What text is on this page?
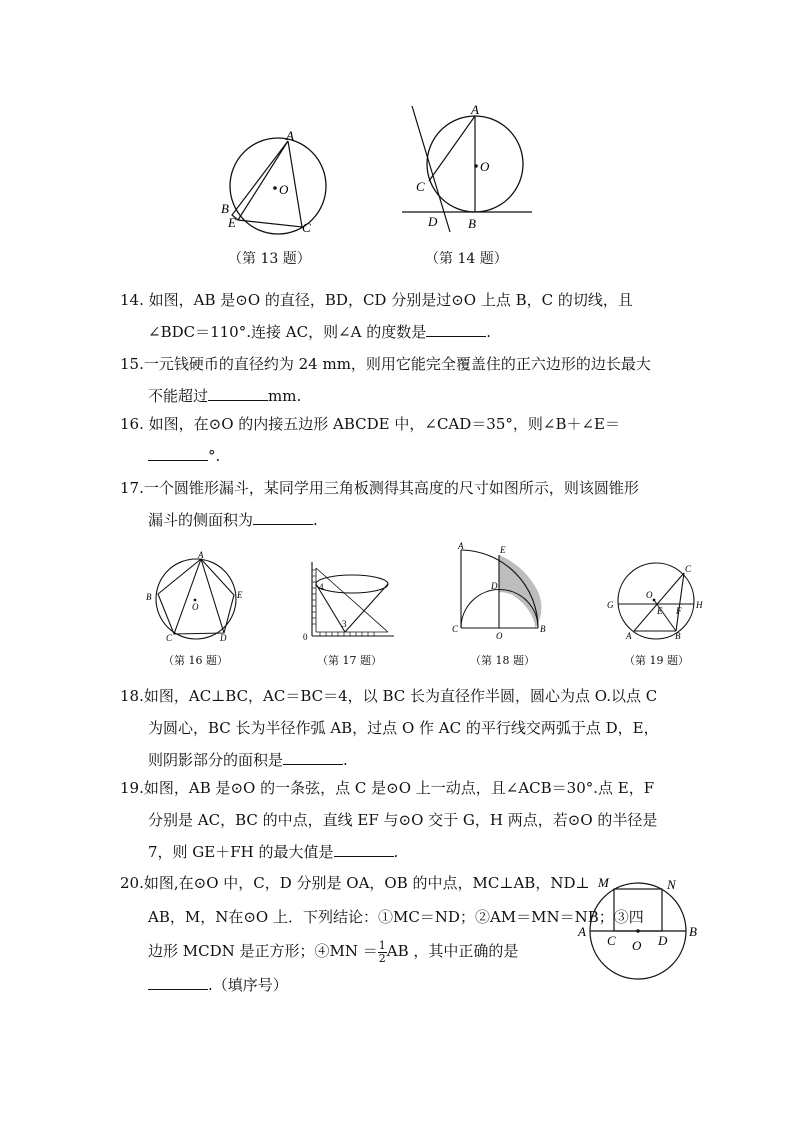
A
B
E	C
O
（第 13 题）
A
O
C
D B
（第 14 题）
14. 如图，AB 是⊙O 的直径，BD，CD 分别是过⊙O 上点 B，C 的切线，且
∠BDC＝110°.连接 AC，则∠A 的度数是	.
15.一元钱硬币的直径约为 24 mm，则用它能完全覆盖住的正六边形的边长最大
不能超过	mm.
16. 如图，在⊙O 的内接五边形 ABCDE 中，∠CAD＝35°，则∠B＋∠E＝
°.
17.一个圆锥形漏斗，某同学用三角板测得其高度的尺寸如图所示，则该圆锥形
漏斗的侧面积为	.
A
B
C	D
E
O
（第 16 题）
4
3
0
（第 17 题）
A	E
D
C
O
B
（第 18 题）
C
G	H
O
E F
A	B
（第 19 题）
18.如图，AC⊥BC，AC＝BC＝4，以 BC 长为直径作半圆，圆心为点 O.以点 C
为圆心，BC 长为半径作弧 AB，过点 O 作 AC 的平行线交两弧于点 D，E，
则阴影部分的面积是	.
19.如图，AB 是⊙O 的一条弦，点 C 是⊙O 上一动点，且∠ACB＝30°.点 E，F
分别是 AC，BC 的中点，直线 EF 与⊙O 交于 G，H 两点，若⊙O 的半径是
7，则 GE＋FH 的最大值是	.
20.如图,在⊙O 中，C，D 分别是 OA，OB 的中点，MC⊥AB，ND⊥
AB，M，N在⊙O 上．下列结论：①MC＝ND；②AM＝MN＝NB；③四
边形 MCDN 是正方形；④MN ＝ $\frac{1}{2}$ AB ，其中正确的是
.（填序号）
M	N
A	B
C O D
